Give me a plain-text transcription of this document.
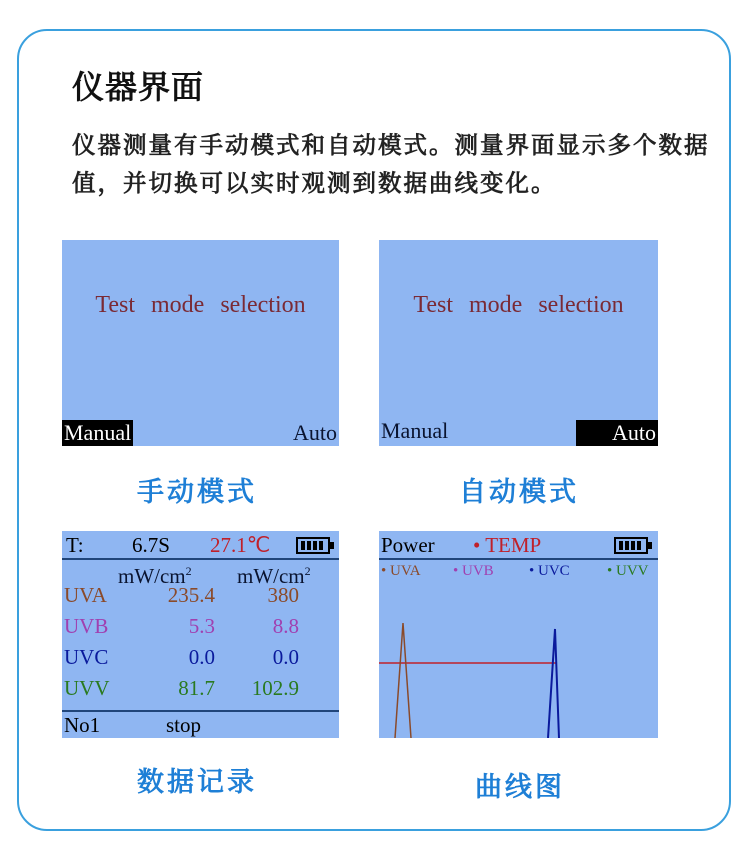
仪器界面
仪器测量有手动模式和自动模式。测量界面显示多个数据值，并切换可以实时观测到数据曲线变化。
Test mode selection
Manual	Auto
手动模式
Test mode selection
Manual	Auto
自动模式
T: 6.7S 27.1℃
$mW/cm^2$ $mW/cm^2$
UVA	235.4	380
UVB	5.3	8.8
UVC	0.0	0.0
UVV	81.7 102.9
No1	stop
数据记录
Power • TEMP
• UVA • UVB • UVC • UVV
曲线图
